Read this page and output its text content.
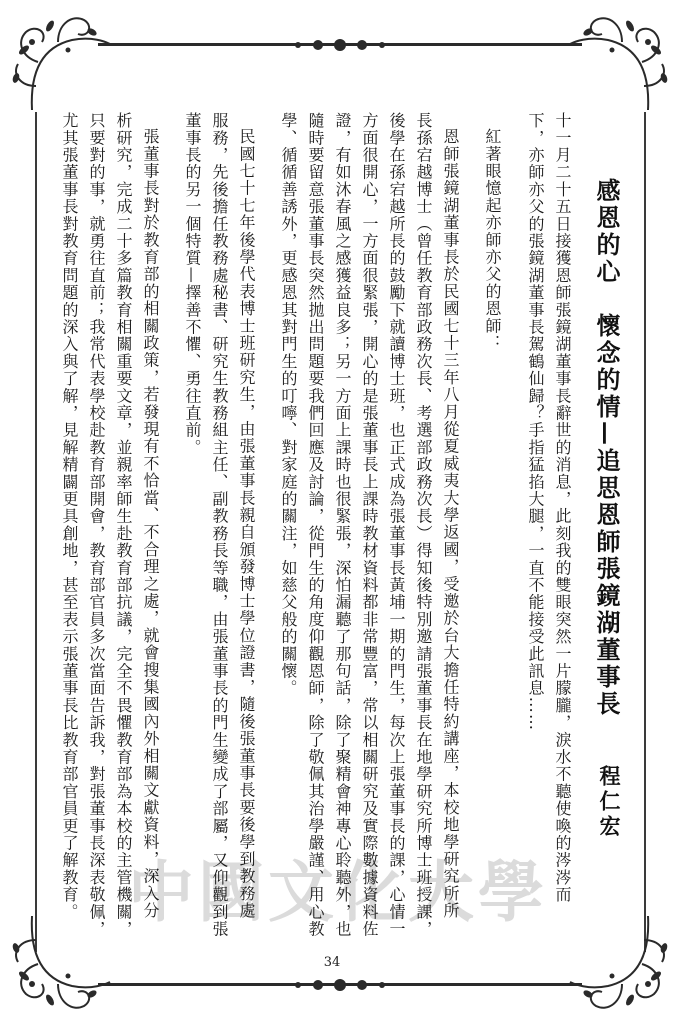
中國文化大學
感恩的心　懷念的情—追思恩師張鏡湖董事長
程仁宏
十一月二十五日接獲恩師張鏡湖董事長辭世的消息，此刻我的雙眼突然一片朦朧，淚水不聽使喚的涔涔而
下，亦師亦父的張鏡湖董事長駕鶴仙歸？手指猛掐大腿，一直不能接受此訊息……
紅著眼憶起亦師亦父的恩師：
恩師張鏡湖董事長於民國七十三年八月從夏威夷大學返國，受邀於台大擔任特約講座，本校地學研究所所
長孫宕越博士（曾任教育部政務次長、考選部政務次長）得知後特別邀請張董事長在地學研究所博士班授課，
後學在孫宕越所長的鼓勵下就讀博士班，也正式成為張董事長黃埔一期的門生，每次上張董事長的課，心情一
方面很開心，一方面很緊張，開心的是張董事長上課時教材資料都非常豐富，常以相關研究及實際數據資料佐
證，有如沐春風之感獲益良多；另一方面上課時也很緊張，深怕漏聽了那句話，除了聚精會神專心聆聽外，也
隨時要留意張董事長突然拋出問題要我們回應及討論，從門生的角度仰觀恩師，除了敬佩其治學嚴謹、用心教
學、循循善誘外，更感恩其對門生的叮嚀、對家庭的關注，如慈父般的關懷。
民國七十七年後學代表博士班研究生，由張董事長親自頒發博士學位證書，隨後張董事長要後學到教務處
服務，先後擔任教務處秘書、研究生教務組主任、副教務長等職，由張董事長的門生變成了部屬，又仰觀到張
董事長的另一個特質—擇善不懼、勇往直前。
張董事長對於教育部的相關政策，若發現有不恰當、不合理之處，就會搜集國內外相關文獻資料，深入分
析研究，完成二十多篇教育相關重要文章，並親率師生赴教育部抗議，完全不畏懼教育部為本校的主管機關，
只要對的事，就勇往直前；我常代表學校赴教育部開會，教育部官員多次當面告訴我，對張董事長深表敬佩，
尤其張董事長對教育問題的深入與了解，見解精闢更具創地，甚至表示張董事長比教育部官員更了解教育。
34
